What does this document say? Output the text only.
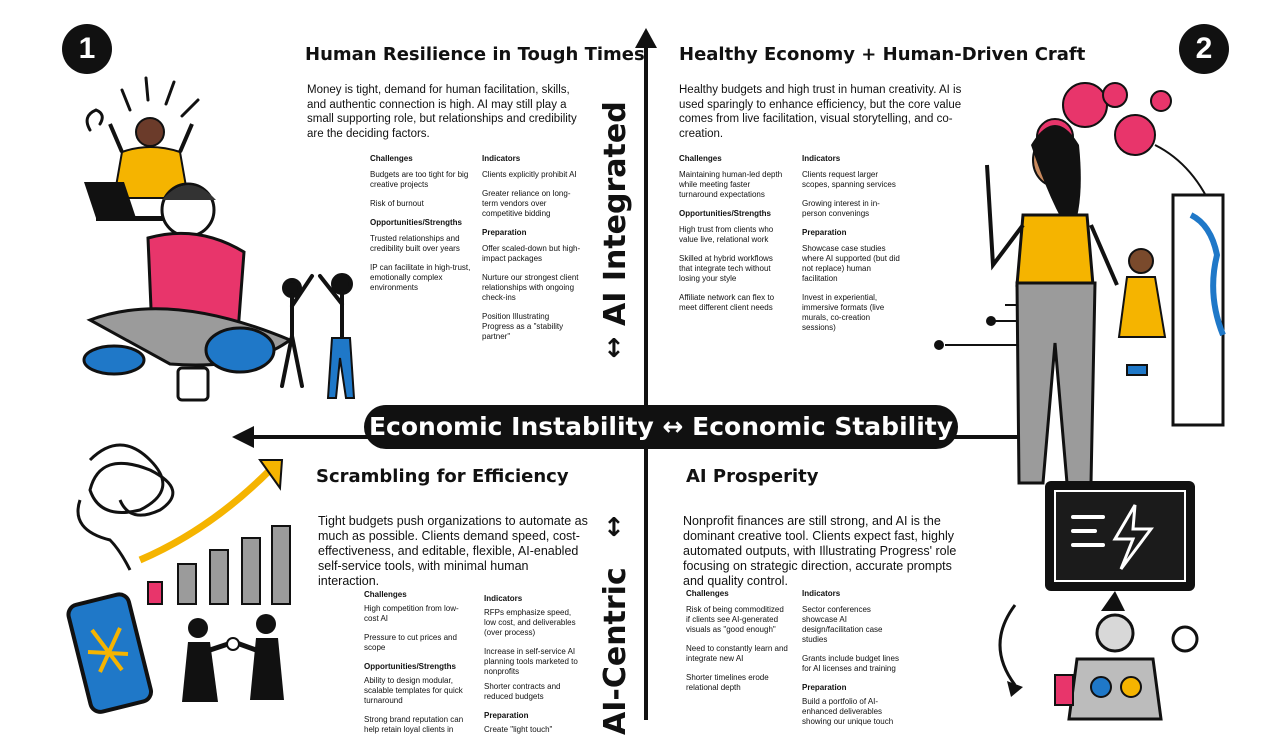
Economic Instability ↔ Economic Stability
AI Integrated
↕
↕
AI-Centric
1	2
Human Resilience in Tough Times
Money is tight, demand for human facilitation, skills, and authentic connection is high. AI may still play a small supporting role, but relationships and credibility are the deciding factors.
Challenges
Budgets are too tight for big creative projects
Risk of burnout
Opportunities/Strengths
Trusted relationships and credibility built over years
IP can facilitate in high-trust, emotionally complex environments
Indicators
Clients explicitly prohibit AI
Greater reliance on long-term vendors over competitive bidding
Preparation
Offer scaled-down but high-impact packages
Nurture our strongest client relationships with ongoing check-ins
Position Illustrating Progress as a "stability partner"
Healthy Economy + Human-Driven Craft
Healthy budgets and high trust in human creativity. AI is used sparingly to enhance efficiency, but the core value comes from live facilitation, visual storytelling, and co-creation.
Challenges
Maintaining human-led depth while meeting faster turnaround expectations
Opportunities/Strengths
High trust from clients who value live, relational work
Skilled at hybrid workflows that integrate tech without losing your style
Affiliate network can flex to meet different client needs
Indicators
Clients request larger scopes, spanning services
Growing interest in in-person convenings
Preparation
Showcase case studies where AI supported (but did not replace) human facilitation
Invest in experiential, immersive formats (live murals, co-creation sessions)
Scrambling for Efficiency
Tight budgets push organizations to automate as much as possible. Clients demand speed, cost-effectiveness, and editable, flexible, AI-enabled self-service tools, with minimal human interaction.
Challenges
High competition from low-cost AI
Pressure to cut prices and scope
Opportunities/Strengths
Ability to design modular, scalable templates for quick turnaround
Strong brand reputation can help retain loyal clients in
Indicators
RFPs emphasize speed, low cost, and deliverables (over process)
Increase in self-service AI planning tools marketed to nonprofits
Shorter contracts and reduced budgets
Preparation
Create "light touch"
AI Prosperity
Nonprofit finances are still strong, and AI is the dominant creative tool. Clients expect fast, highly automated outputs, with Illustrating Progress' role focusing on strategic direction, accurate prompts and quality control.
Challenges
Risk of being commoditized if clients see AI-generated visuals as "good enough"
Need to constantly learn and integrate new AI
Shorter timelines erode relational depth
Indicators
Sector conferences showcase AI design/facilitation case studies
Grants include budget lines for AI licenses and training
Preparation
Build a portfolio of AI-enhanced deliverables showing our unique touch
